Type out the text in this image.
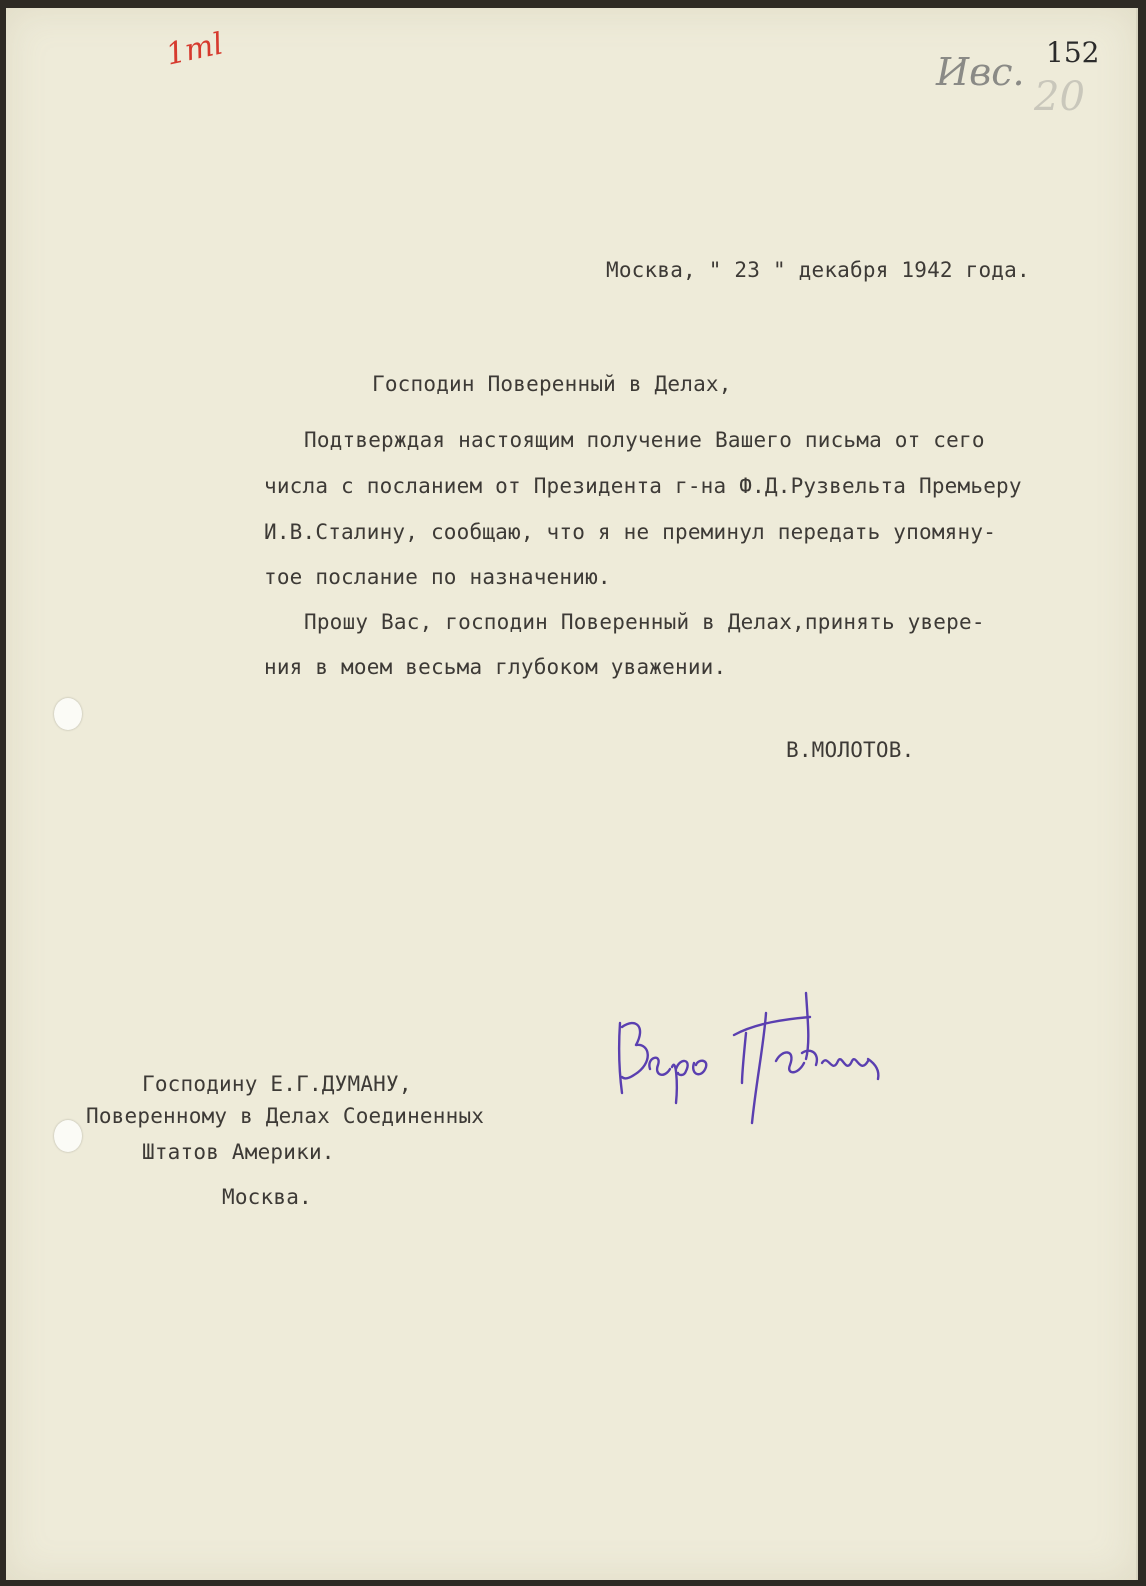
1ml	Ивс. 152
20
Москва, " 23 " декабря 1942 года.
Господин Поверенный в Делах,
Подтверждая настоящим получение Вашего письма от сего
числа с посланием от Президента г-на Ф.Д.Рузвельта Премьеру
И.В.Сталину, сообщаю, что я не преминул передать упомяну-
тое послание по назначению.
Прошу Вас, господин Поверенный в Делах,принять увере-
ния в моем весьма глубоком уважении.
В.МОЛОТОВ.
Господину Е.Г.ДУМАНУ,
Поверенному в Делах Соединенных
Штатов Америки.
Москва.
